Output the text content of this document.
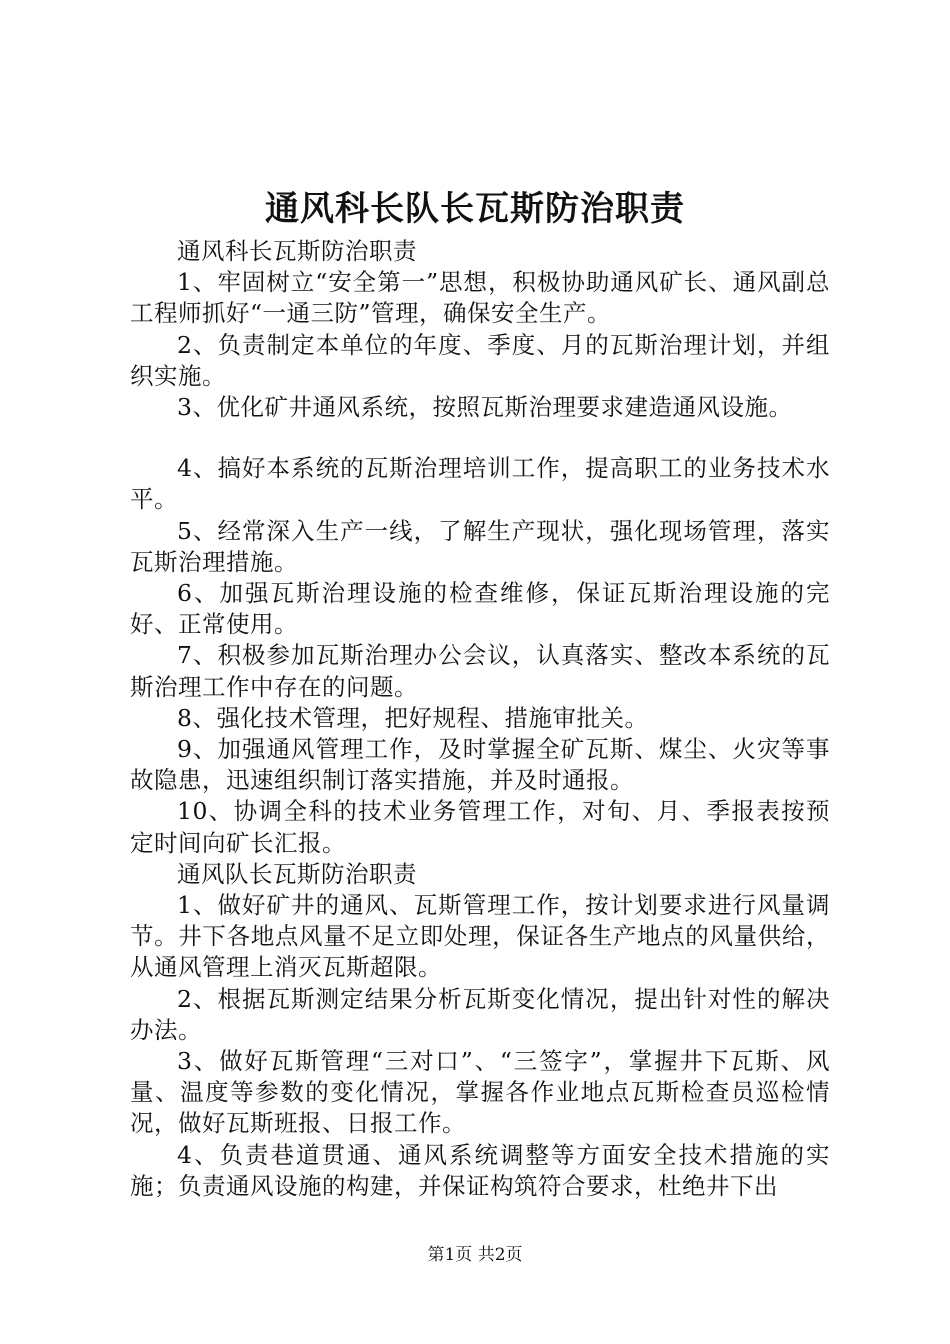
通风科长队长瓦斯防治职责

通风科长瓦斯防治职责

1、牢固树立“安全第一”思想，积极协助通风矿长、通风副总工程师抓好“一通三防”管理，确保安全生产。

2、负责制定本单位的年度、季度、月的瓦斯治理计划，并组织实施。

3、优化矿井通风系统，按照瓦斯治理要求建造通风设施。

4、搞好本系统的瓦斯治理培训工作，提高职工的业务技术水平。

5、经常深入生产一线，了解生产现状，强化现场管理，落实瓦斯治理措施。

6、加强瓦斯治理设施的检查维修，保证瓦斯治理设施的完好、正常使用。

7、积极参加瓦斯治理办公会议，认真落实、整改本系统的瓦斯治理工作中存在的问题。

8、强化技术管理，把好规程、措施审批关。

9、加强通风管理工作，及时掌握全矿瓦斯、煤尘、火灾等事故隐患，迅速组织制订落实措施，并及时通报。

10、协调全科的技术业务管理工作，对旬、月、季报表按预定时间向矿长汇报。

通风队长瓦斯防治职责

1、做好矿井的通风、瓦斯管理工作，按计划要求进行风量调节。井下各地点风量不足立即处理，保证各生产地点的风量供给，从通风管理上消灭瓦斯超限。

2、根据瓦斯测定结果分析瓦斯变化情况，提出针对性的解决办法。

3、做好瓦斯管理“三对口”、“三签字”，掌握井下瓦斯、风量、温度等参数的变化情况，掌握各作业地点瓦斯检查员巡检情况，做好瓦斯班报、日报工作。

4、负责巷道贯通、通风系统调整等方面安全技术措施的实施；负责通风设施的构建，并保证构筑符合要求，杜绝井下出

第1页 共2页
